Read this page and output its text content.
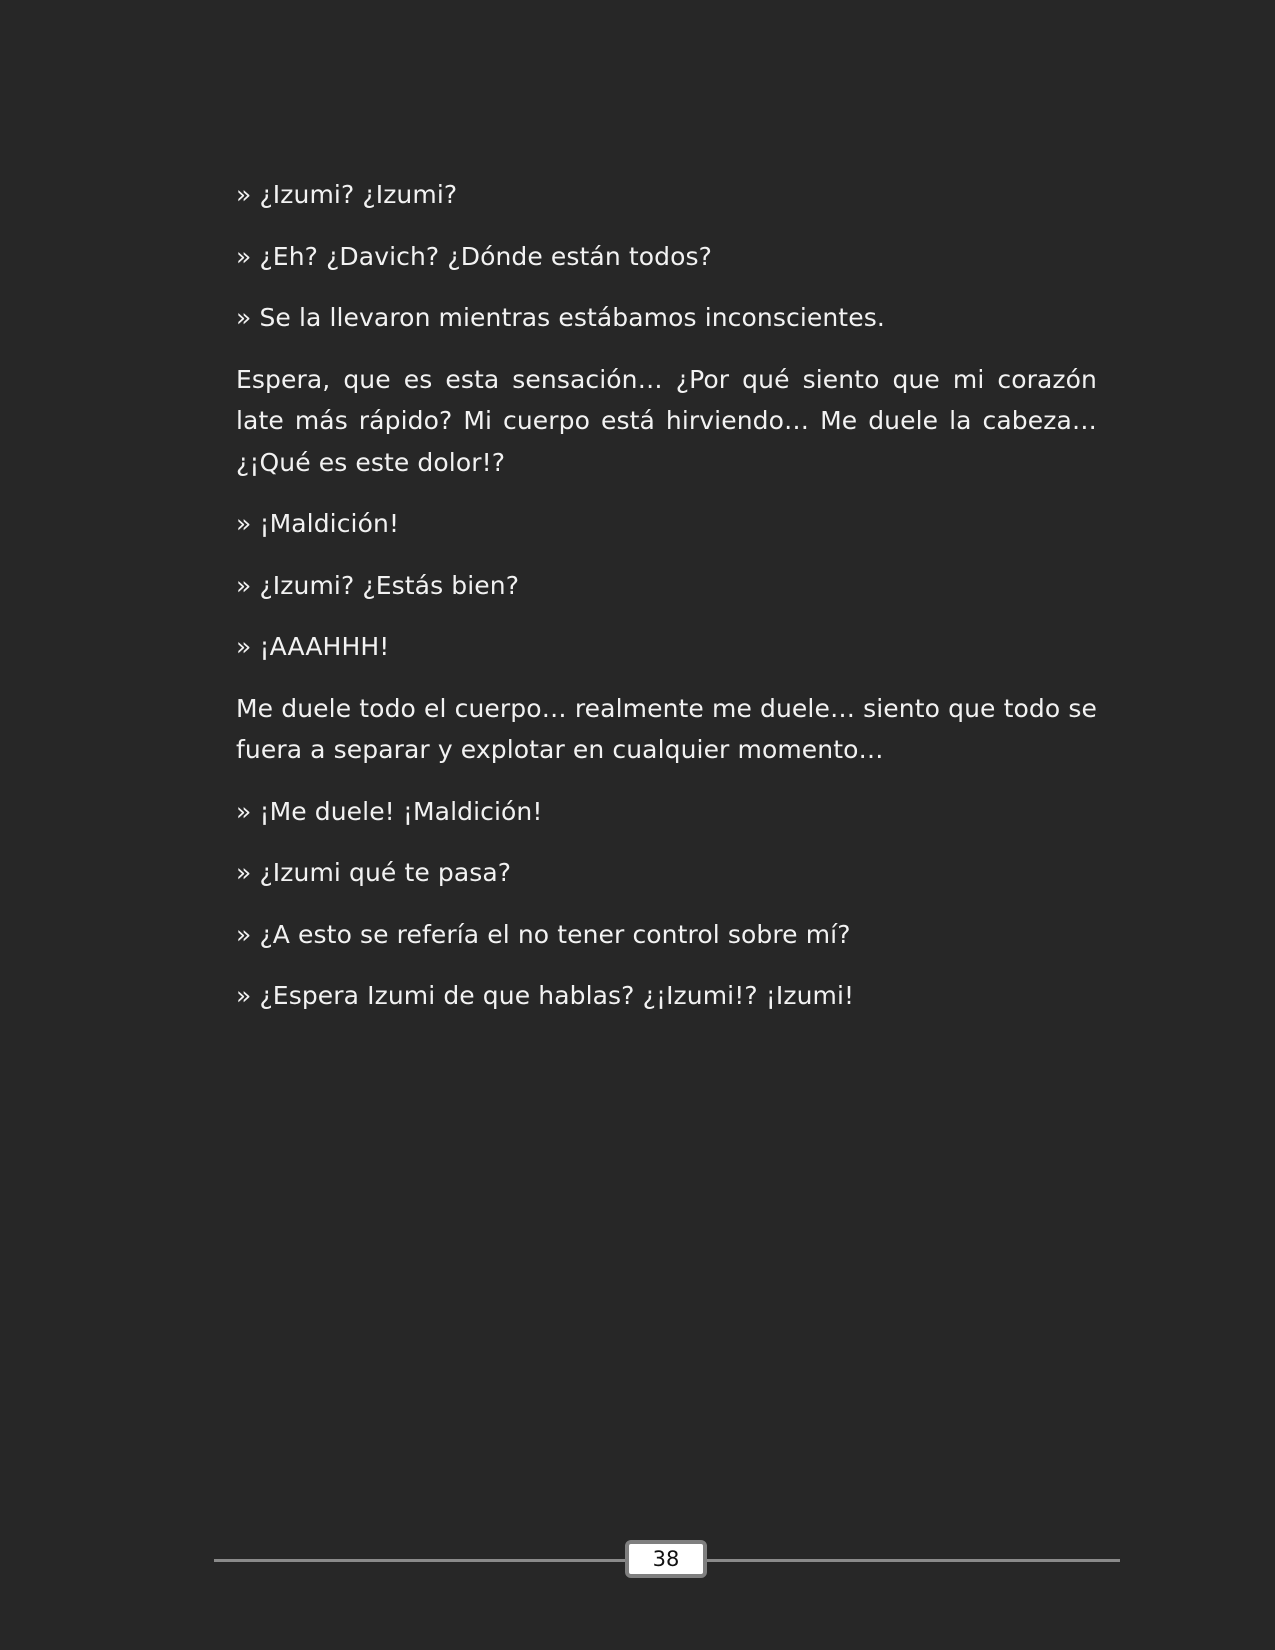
» ¿Izumi? ¿Izumi?

» ¿Eh? ¿Davich? ¿Dónde están todos?

» Se la llevaron mientras estábamos inconscientes.

Espera, que es esta sensación… ¿Por qué siento que mi corazón late más rápido? Mi cuerpo está hirviendo… Me duele la cabeza… ¿¡Qué es este dolor!?

» ¡Maldición!

» ¿Izumi? ¿Estás bien?

» ¡AAAHHH!

Me duele todo el cuerpo… realmente me duele… siento que todo se fuera a separar y explotar en cualquier momento…

» ¡Me duele! ¡Maldición!

» ¿Izumi qué te pasa?

» ¿A esto se refería el no tener control sobre mí?

» ¿Espera Izumi de que hablas? ¿¡Izumi!? ¡Izumi!

38
